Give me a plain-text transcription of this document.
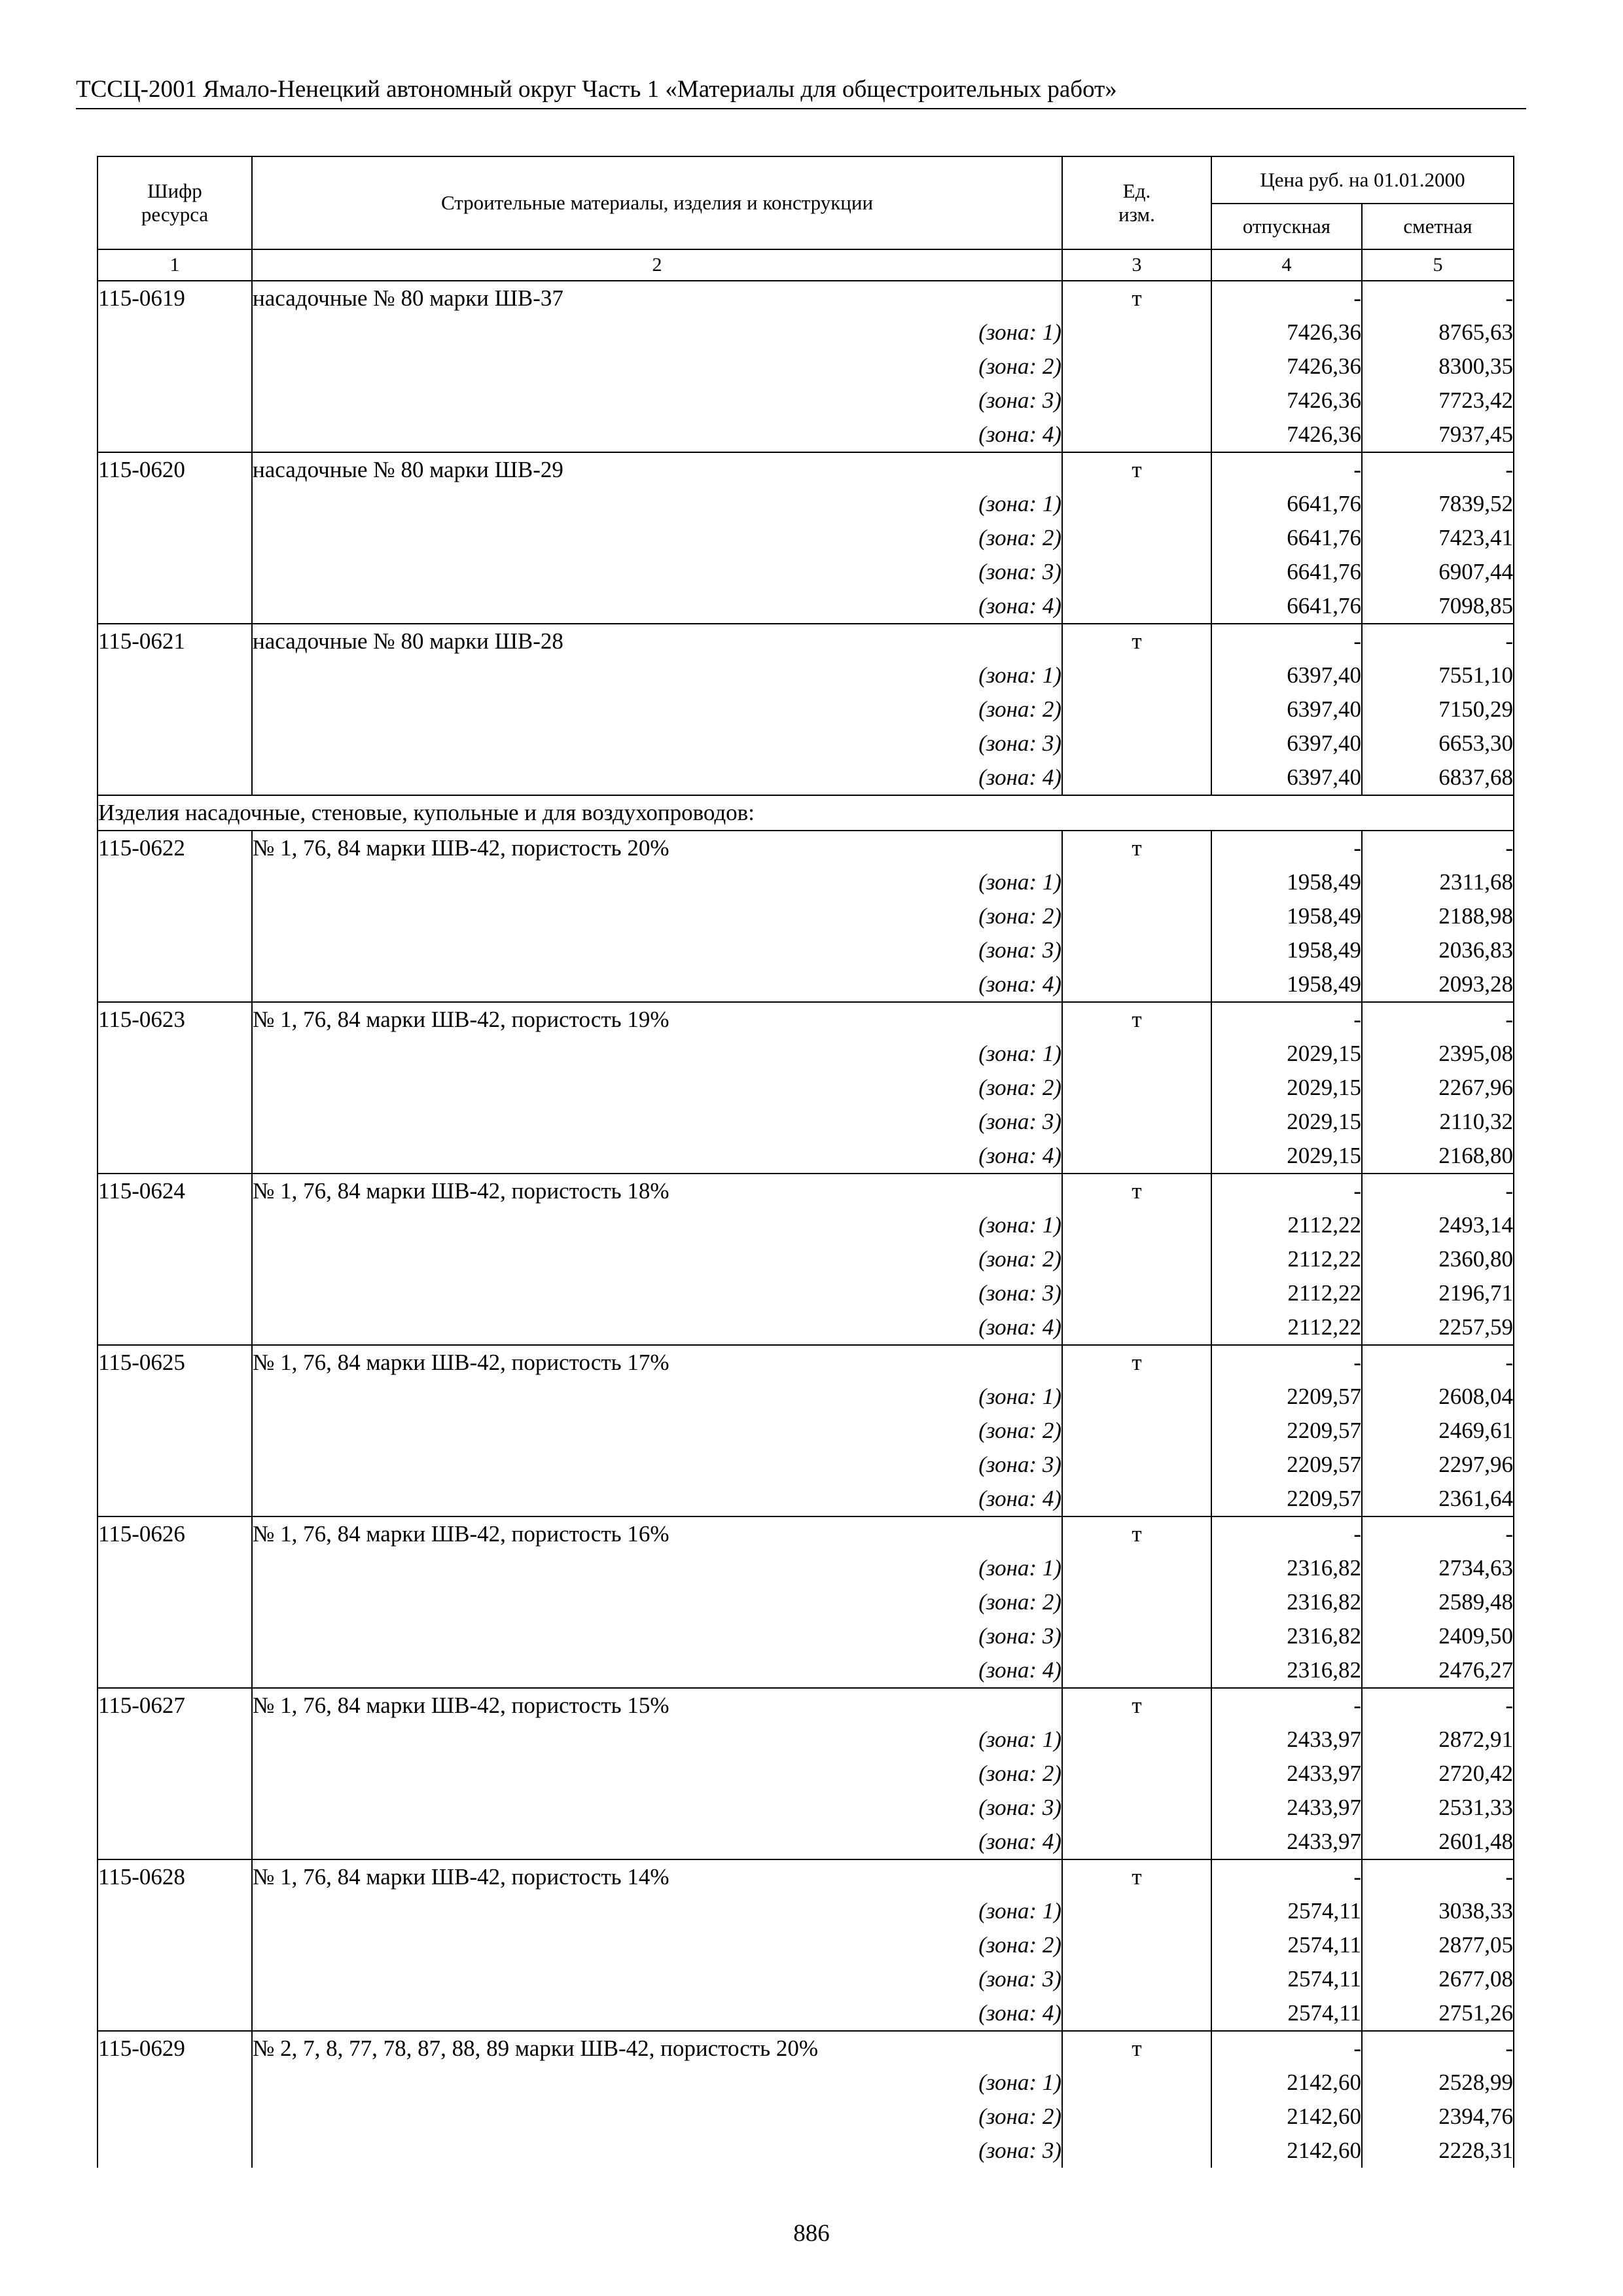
ТССЦ-2001 Ямало-Ненецкий автономный округ Часть 1 «Материалы для общестроительных работ»
Шифр ресурса	Строительные материалы, изделия и конструкции	Ед. изм.	Цена руб. на 01.01.2000	
			отпускная	сметная
1	2	3	4	5
115-0619	насадочные № 80 марки ШВ-37	т	-	-
	(зона: 1)		7426,36	8765,63
	(зона: 2)		7426,36	8300,35
	(зона: 3)		7426,36	7723,42
	(зона: 4)		7426,36	7937,45
115-0620	насадочные № 80 марки ШВ-29	т	-	-
	(зона: 1)		6641,76	7839,52
	(зона: 2)		6641,76	7423,41
	(зона: 3)		6641,76	6907,44
	(зона: 4)		6641,76	7098,85
115-0621	насадочные № 80 марки ШВ-28	т	-	-
	(зона: 1)		6397,40	7551,10
	(зона: 2)		6397,40	7150,29
	(зона: 3)		6397,40	6653,30
	(зона: 4)		6397,40	6837,68
Изделия насадочные, стеновые, купольные и для воздухопроводов:				
115-0622	№ 1, 76, 84 марки ШВ-42, пористость 20%	т	-	-
	(зона: 1)		1958,49	2311,68
	(зона: 2)		1958,49	2188,98
	(зона: 3)		1958,49	2036,83
	(зона: 4)		1958,49	2093,28
115-0623	№ 1, 76, 84 марки ШВ-42, пористость 19%	т	-	-
	(зона: 1)		2029,15	2395,08
	(зона: 2)		2029,15	2267,96
	(зона: 3)		2029,15	2110,32
	(зона: 4)		2029,15	2168,80
115-0624	№ 1, 76, 84 марки ШВ-42, пористость 18%	т	-	-
	(зона: 1)		2112,22	2493,14
	(зона: 2)		2112,22	2360,80
	(зона: 3)		2112,22	2196,71
	(зона: 4)		2112,22	2257,59
115-0625	№ 1, 76, 84 марки ШВ-42, пористость 17%	т	-	-
	(зона: 1)		2209,57	2608,04
	(зона: 2)		2209,57	2469,61
	(зона: 3)		2209,57	2297,96
	(зона: 4)		2209,57	2361,64
115-0626	№ 1, 76, 84 марки ШВ-42, пористость 16%	т	-	-
	(зона: 1)		2316,82	2734,63
	(зона: 2)		2316,82	2589,48
	(зона: 3)		2316,82	2409,50
	(зона: 4)		2316,82	2476,27
115-0627	№ 1, 76, 84 марки ШВ-42, пористость 15%	т	-	-
	(зона: 1)		2433,97	2872,91
	(зона: 2)		2433,97	2720,42
	(зона: 3)		2433,97	2531,33
	(зона: 4)		2433,97	2601,48
115-0628	№ 1, 76, 84 марки ШВ-42, пористость 14%	т	-	-
	(зона: 1)		2574,11	3038,33
	(зона: 2)		2574,11	2877,05
	(зона: 3)		2574,11	2677,08
	(зона: 4)		2574,11	2751,26
115-0629	№ 2, 7, 8, 77, 78, 87, 88, 89 марки ШВ-42, пористость 20%	т	-	-
	(зона: 1)		2142,60	2528,99
	(зона: 2)		2142,60	2394,76
	(зона: 3)		2142,60	2228,31
886
